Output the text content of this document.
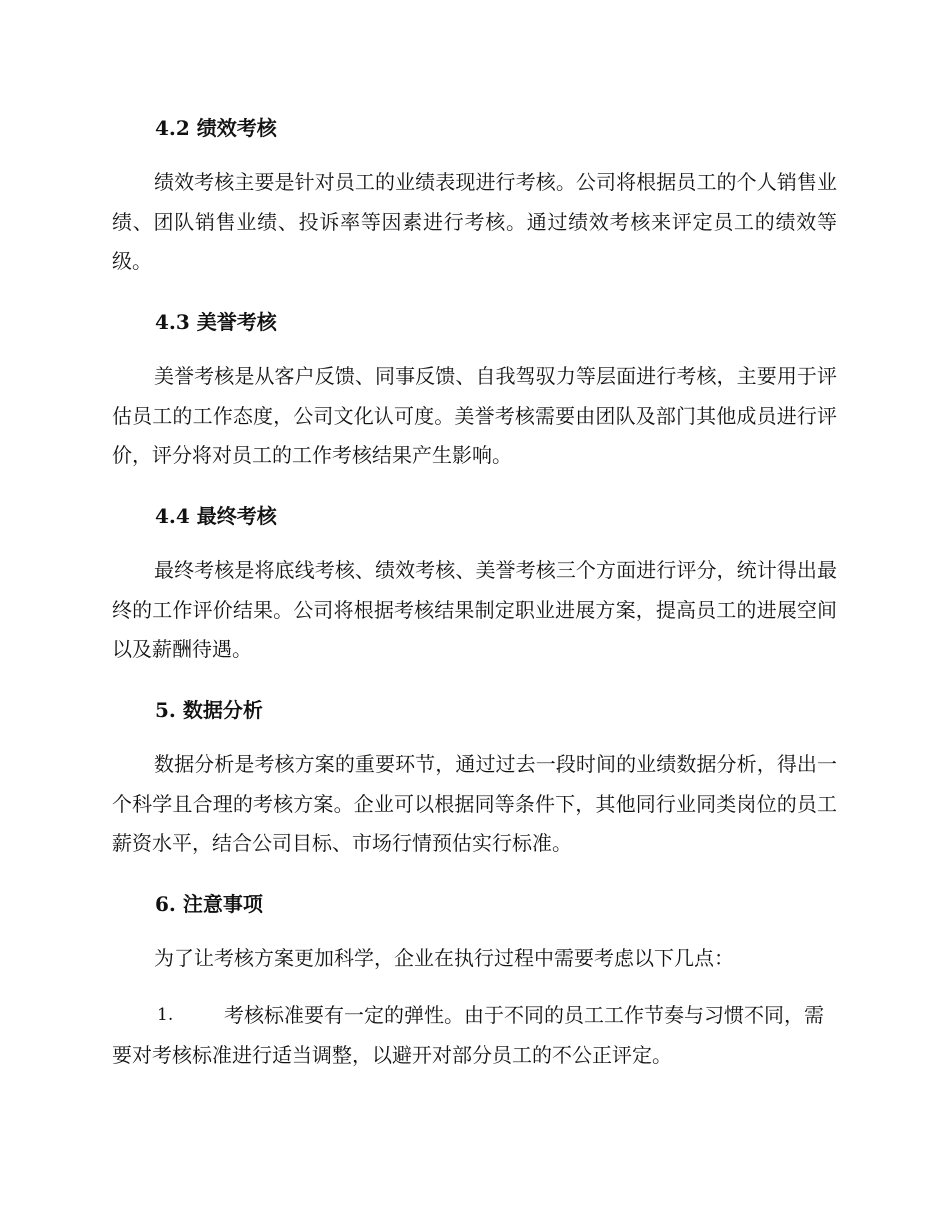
4.2 绩效考核

绩效考核主要是针对员工的业绩表现进行考核。公司将根据员工的个人销售业绩、团队销售业绩、投诉率等因素进行考核。通过绩效考核来评定员工的绩效等级。

4.3 美誉考核

美誉考核是从客户反馈、同事反馈、自我驾驭力等层面进行考核，主要用于评估员工的工作态度，公司文化认可度。美誉考核需要由团队及部门其他成员进行评价，评分将对员工的工作考核结果产生影响。

4.4 最终考核

最终考核是将底线考核、绩效考核、美誉考核三个方面进行评分，统计得出最终的工作评价结果。公司将根据考核结果制定职业进展方案，提高员工的进展空间以及薪酬待遇。

5. 数据分析

数据分析是考核方案的重要环节，通过过去一段时间的业绩数据分析，得出一个科学且合理的考核方案。企业可以根据同等条件下，其他同行业同类岗位的员工薪资水平，结合公司目标、市场行情预估实行标准。

6. 注意事项

为了让考核方案更加科学，企业在执行过程中需要考虑以下几点：

1.	考核标准要有一定的弹性。由于不同的员工工作节奏与习惯不同，需要对考核标准进行适当调整，以避开对部分员工的不公正评定。
